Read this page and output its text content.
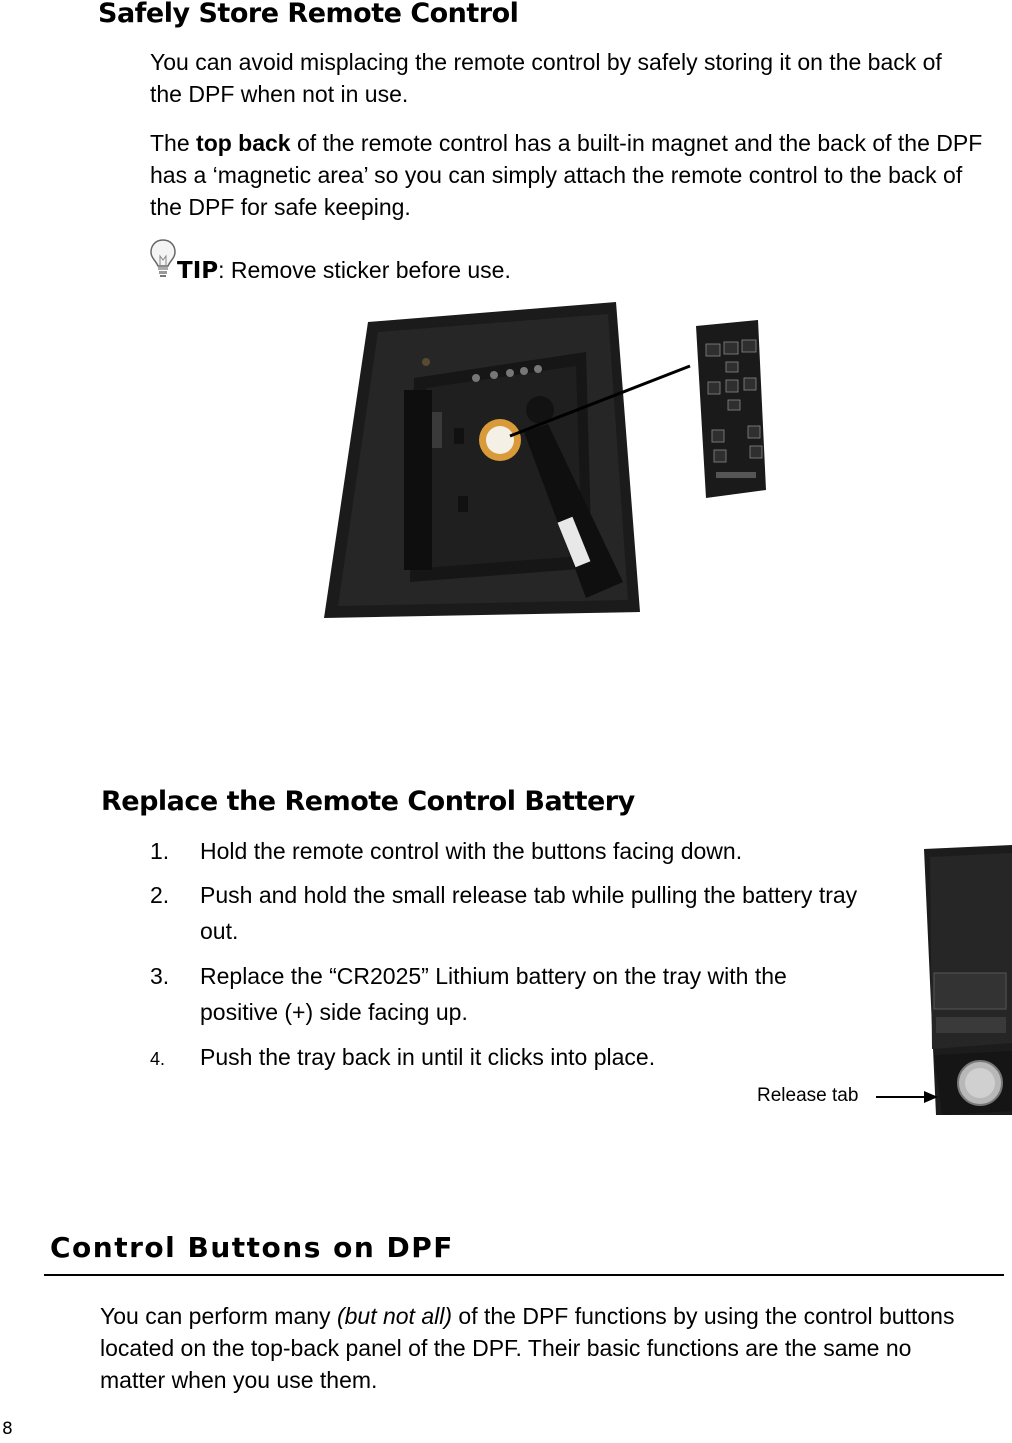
Safely Store Remote Control
You can avoid misplacing the remote control by safely storing it on the back of the DPF when not in use.
The top back of the remote control has a built-in magnet and the back of the DPF has a ‘magnetic area’ so you can simply attach the remote control to the back of the DPF for safe keeping.
TIP: Remove sticker before use.
Replace the Remote Control Battery
1. Hold the remote control with the buttons facing down.
2. Push and hold the small release tab while pulling the battery tray out.
3. Replace the “CR2025” Lithium battery on the tray with the positive (+) side facing up.
4. Push the tray back in until it clicks into place.
Release tab
Control Buttons on DPF
You can perform many (but not all) of the DPF functions by using the control buttons located on the top-back panel of the DPF. Their basic functions are the same no matter when you use them.
8
